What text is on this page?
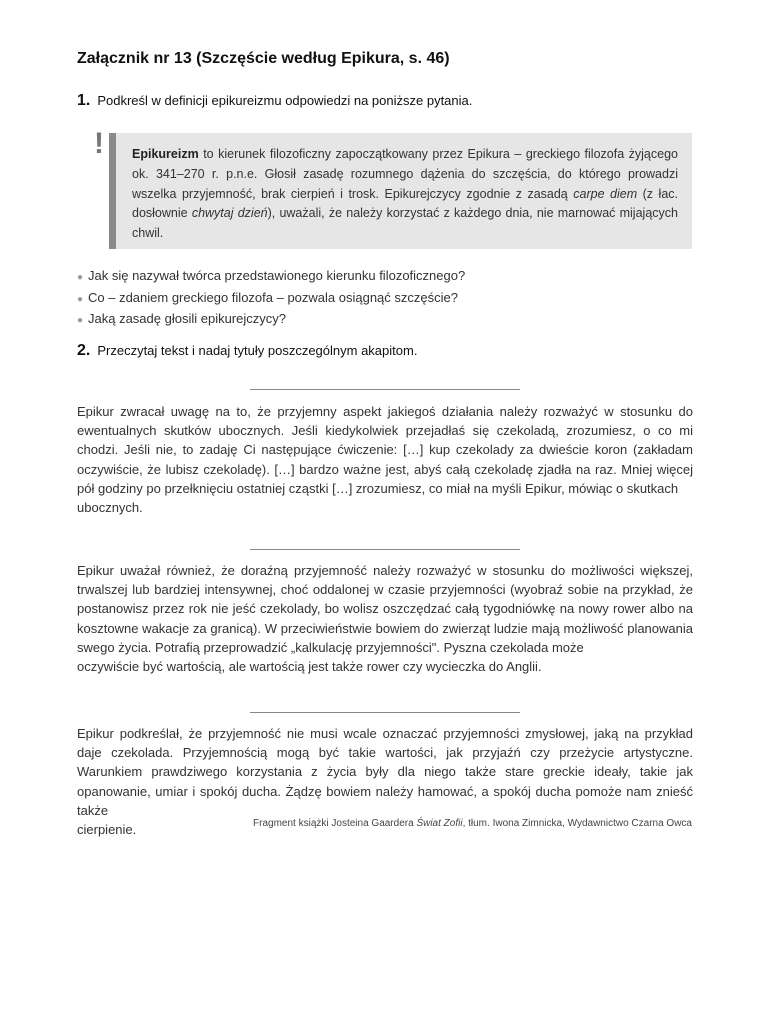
Załącznik nr 13 (Szczęście według Epikura, s. 46)
1. Podkreśl w definicji epikureizmu odpowiedzi na poniższe pytania.
!	Epikureizm to kierunek filozoficzny zapoczątkowany przez Epikura – greckiego filozofa żyjącego ok. 341–270 r. p.n.e. Głosił zasadę rozumnego dążenia do szczęścia, do którego prowadzi wszelka przyjemność, brak cierpień i trosk. Epikurejczycy zgodnie z zasadą carpe diem (z łac. dosłownie chwytaj dzień), uważali, że należy korzystać z każdego dnia, nie marnować mijających chwil.
● Jak się nazywał twórca przedstawionego kierunku filozoficznego?
● Co – zdaniem greckiego filozofa – pozwala osiągnąć szczęście?
● Jaką zasadę głosili epikurejczycy?
2. Przeczytaj tekst i nadaj tytuły poszczególnym akapitom.

Epikur zwracał uwagę na to, że przyjemny aspekt jakiegoś działania należy rozważyć w stosunku do ewentualnych skutków ubocznych. Jeśli kiedykolwiek przejadłaś się czekoladą, zrozumiesz, o co mi chodzi. Jeśli nie, to zadaję Ci następujące ćwiczenie: […] kup czekolady za dwieście koron (zakładam oczywiście, że lubisz czekoladę). […] bardzo ważne jest, abyś całą czekoladę zjadła na raz. Mniej więcej pół godziny po przełknięciu ostatniej cząstki […] zrozumiesz, co miał na myśli Epikur, mówiąc o skutkach
ubocznych.

Epikur uważał również, że doraźną przyjemność należy rozważyć w stosunku do możliwości większej, trwalszej lub bardziej intensywnej, choć oddalonej w czasie przyjemności (wyobraź sobie na przykład, że postanowisz przez rok nie jeść czekolady, bo wolisz oszczędzać całą tygodniówkę na nowy rower albo na kosztowne wakacje za granicą). W przeciwieństwie bowiem do zwierząt ludzie mają możliwość planowania swego życia. Potrafią przeprowadzić „kalkulację przyjemności". Pyszna czekolada może
oczywiście być wartością, ale wartością jest także rower czy wycieczka do Anglii.

Epikur podkreślał, że przyjemność nie musi wcale oznaczać przyjemności zmysłowej, jaką na przykład daje czekolada. Przyjemnością mogą być takie wartości, jak przyjaźń czy przeżycie artystyczne. Warunkiem prawdziwego korzystania z życia były dla niego także stare greckie ideały, takie jak opanowanie, umiar i spokój ducha. Żądzę bowiem należy hamować, a spokój ducha pomoże nam znieść także
cierpienie.	Fragment książki Josteina Gaardera Świat Zofii, tłum. Iwona Zimnicka, Wydawnictwo Czarna Owca
